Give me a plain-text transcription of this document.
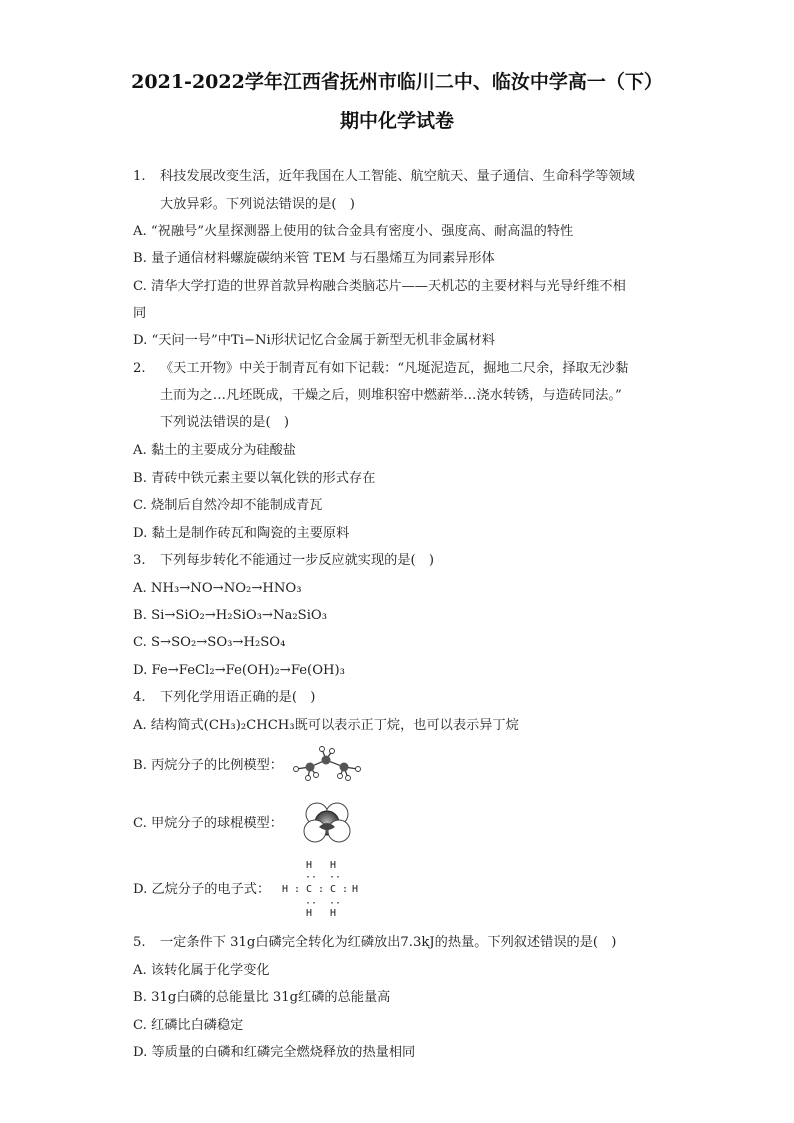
2021-2022学年江西省抚州市临川二中、临汝中学高一（下）
期中化学试卷
1. 科技发展改变生活，近年我国在人工智能、航空航天、量子通信、生命科学等领域
大放异彩。下列说法错误的是(　)
A. “祝融号”火星探测器上使用的钛合金具有密度小、强度高、耐高温的特性
B. 量子通信材料螺旋碳纳米管 TEM 与石墨烯互为同素异形体
C. 清华大学打造的世界首款异构融合类脑芯片——天机芯的主要材料与光导纤维不相
同
D. “天问一号”中Ti−Ni形状记忆合金属于新型无机非金属材料
2. 《天工开物》中关于制青瓦有如下记载：“凡埏泥造瓦，掘地二尺余，择取无沙黏
土而为之…凡坯既成，干燥之后，则堆积窑中燃薪举…浇水转锈，与造砖同法。”
下列说法错误的是(　)
A. 黏土的主要成分为硅酸盐
B. 青砖中铁元素主要以氧化铁的形式存在
C. 烧制后自然冷却不能制成青瓦
D. 黏土是制作砖瓦和陶瓷的主要原料
3. 下列每步转化不能通过一步反应就实现的是(　)
A. NH₃→NO→NO₂→HNO₃
B. Si→SiO₂→H₂SiO₃→Na₂SiO₃
C. S→SO₂→SO₃→H₂SO₄
D. Fe→FeCl₂→Fe(OH)₂→Fe(OH)₃
4. 下列化学用语正确的是(　)
A. 结构简式(CH₃)₂CHCH₃既可以表示正丁烷，也可以表示异丁烷
B. 丙烷分子的比例模型：
C. 甲烷分子的球棍模型：
D. 乙烷分子的电子式：
H H
·· ··
H : C : C : H
·· ··
H H
5. 一定条件下 31g白磷完全转化为红磷放出7.3kJ的热量。下列叙述错误的是(　)
A. 该转化属于化学变化
B. 31g白磷的总能量比 31g红磷的总能量高
C. 红磷比白磷稳定
D. 等质量的白磷和红磷完全燃烧释放的热量相同
